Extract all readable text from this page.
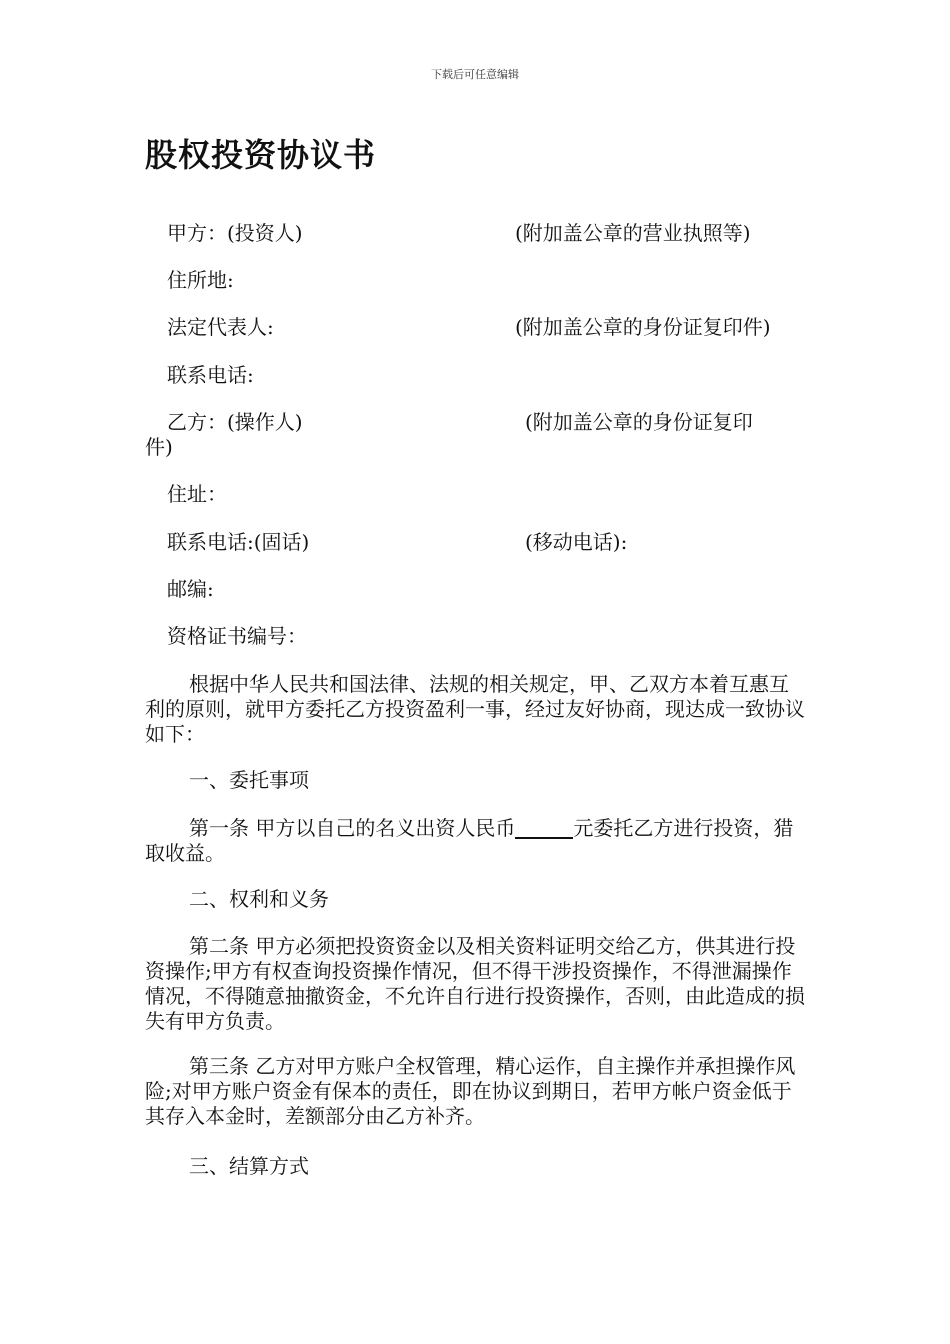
下载后可任意编辑
股权投资协议书
甲方：(投资人)	(附加盖公章的营业执照等)
住所地:
法定代表人:	(附加盖公章的身份证复印件)
联系电话:
乙方：(操作人)	(附加盖公章的身份证复印
件)
住址：
联系电话:(固话)	(移动电话):
邮编:
资格证书编号：

根据中华人民共和国法律、法规的相关规定，甲、乙双方本着互惠互利的原则，就甲方委托乙方投资盈利一事，经过友好协商，现达成一致协议如下：

一、委托事项

第一条 甲方以自己的名义出资人民币	元委托乙方进行投资，猎取收益。

二、权利和义务

第二条 甲方必须把投资资金以及相关资料证明交给乙方，供其进行投资操作;甲方有权查询投资操作情况，但不得干涉投资操作，不得泄漏操作情况，不得随意抽撤资金，不允许自行进行投资操作，否则，由此造成的损失有甲方负责。

第三条 乙方对甲方账户全权管理，精心运作，自主操作并承担操作风险;对甲方账户资金有保本的责任，即在协议到期日，若甲方帐户资金低于其存入本金时，差额部分由乙方补齐。

三、结算方式
